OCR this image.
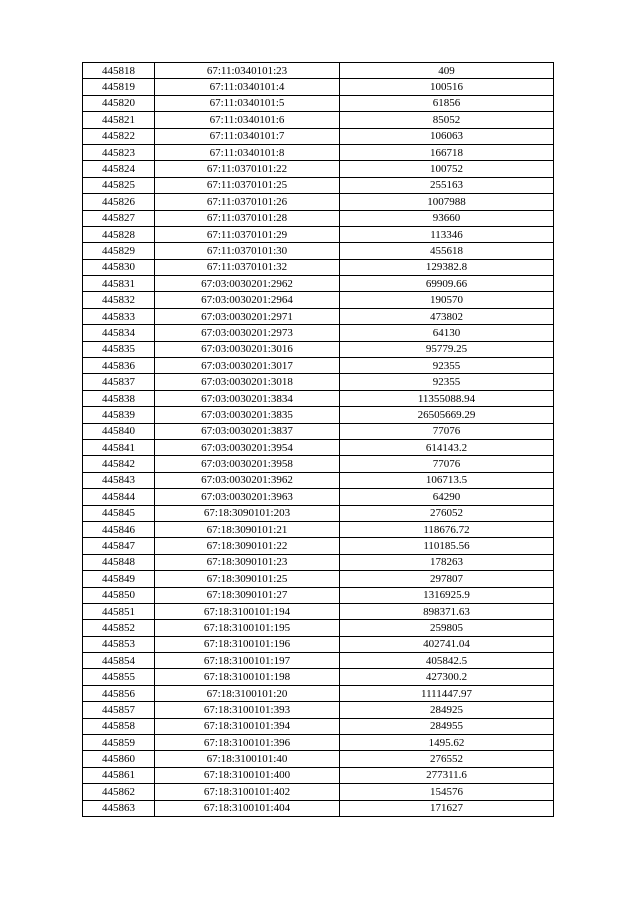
445818	67:11:0340101:23	409
445819	67:11:0340101:4	100516
445820	67:11:0340101:5	61856
445821	67:11:0340101:6	85052
445822	67:11:0340101:7	106063
445823	67:11:0340101:8	166718
445824	67:11:0370101:22	100752
445825	67:11:0370101:25	255163
445826	67:11:0370101:26	1007988
445827	67:11:0370101:28	93660
445828	67:11:0370101:29	113346
445829	67:11:0370101:30	455618
445830	67:11:0370101:32	129382.8
445831	67:03:0030201:2962	69909.66
445832	67:03:0030201:2964	190570
445833	67:03:0030201:2971	473802
445834	67:03:0030201:2973	64130
445835	67:03:0030201:3016	95779.25
445836	67:03:0030201:3017	92355
445837	67:03:0030201:3018	92355
445838	67:03:0030201:3834	11355088.94
445839	67:03:0030201:3835	26505669.29
445840	67:03:0030201:3837	77076
445841	67:03:0030201:3954	614143.2
445842	67:03:0030201:3958	77076
445843	67:03:0030201:3962	106713.5
445844	67:03:0030201:3963	64290
445845	67:18:3090101:203	276052
445846	67:18:3090101:21	118676.72
445847	67:18:3090101:22	110185.56
445848	67:18:3090101:23	178263
445849	67:18:3090101:25	297807
445850	67:18:3090101:27	1316925.9
445851	67:18:3100101:194	898371.63
445852	67:18:3100101:195	259805
445853	67:18:3100101:196	402741.04
445854	67:18:3100101:197	405842.5
445855	67:18:3100101:198	427300.2
445856	67:18:3100101:20	1111447.97
445857	67:18:3100101:393	284925
445858	67:18:3100101:394	284955
445859	67:18:3100101:396	1495.62
445860	67:18:3100101:40	276552
445861	67:18:3100101:400	277311.6
445862	67:18:3100101:402	154576
445863	67:18:3100101:404	171627
